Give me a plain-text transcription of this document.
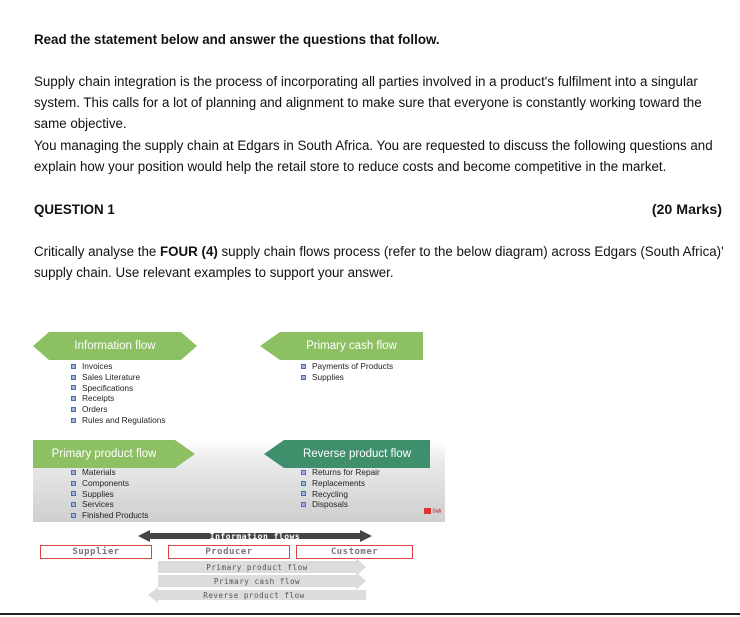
Read the statement below and answer the questions that follow.
Supply chain integration is the process of incorporating all parties involved in a product's fulfilment into a singular system. This calls for a lot of planning and alignment to make sure that everyone is constantly working toward the same objective.
You managing the supply chain at Edgars in South Africa. You are requested to discuss the following questions and explain how your position would help the retail store to reduce costs and become competitive in the market.
QUESTION 1	(20 Marks)
Critically analyse the FOUR (4) supply chain flows process (refer to the below diagram) across Edgars (South Africa)' supply chain. Use relevant examples to support your answer.
Information flow
Invoices
Sales Literature
Specifications
Receipts
Orders
Rules and Regulations
Primary cash flow
Payments of Products
Supplies
Primary product flow
Materials
Components
Supplies
Services
Finished Products
Reverse product flow
Returns for Repair
Replacements
Recycling
Disposals
Sub
Information flows
Supplier	Producer	Customer
Primary product flow
Primary cash flow
Reverse product flow
